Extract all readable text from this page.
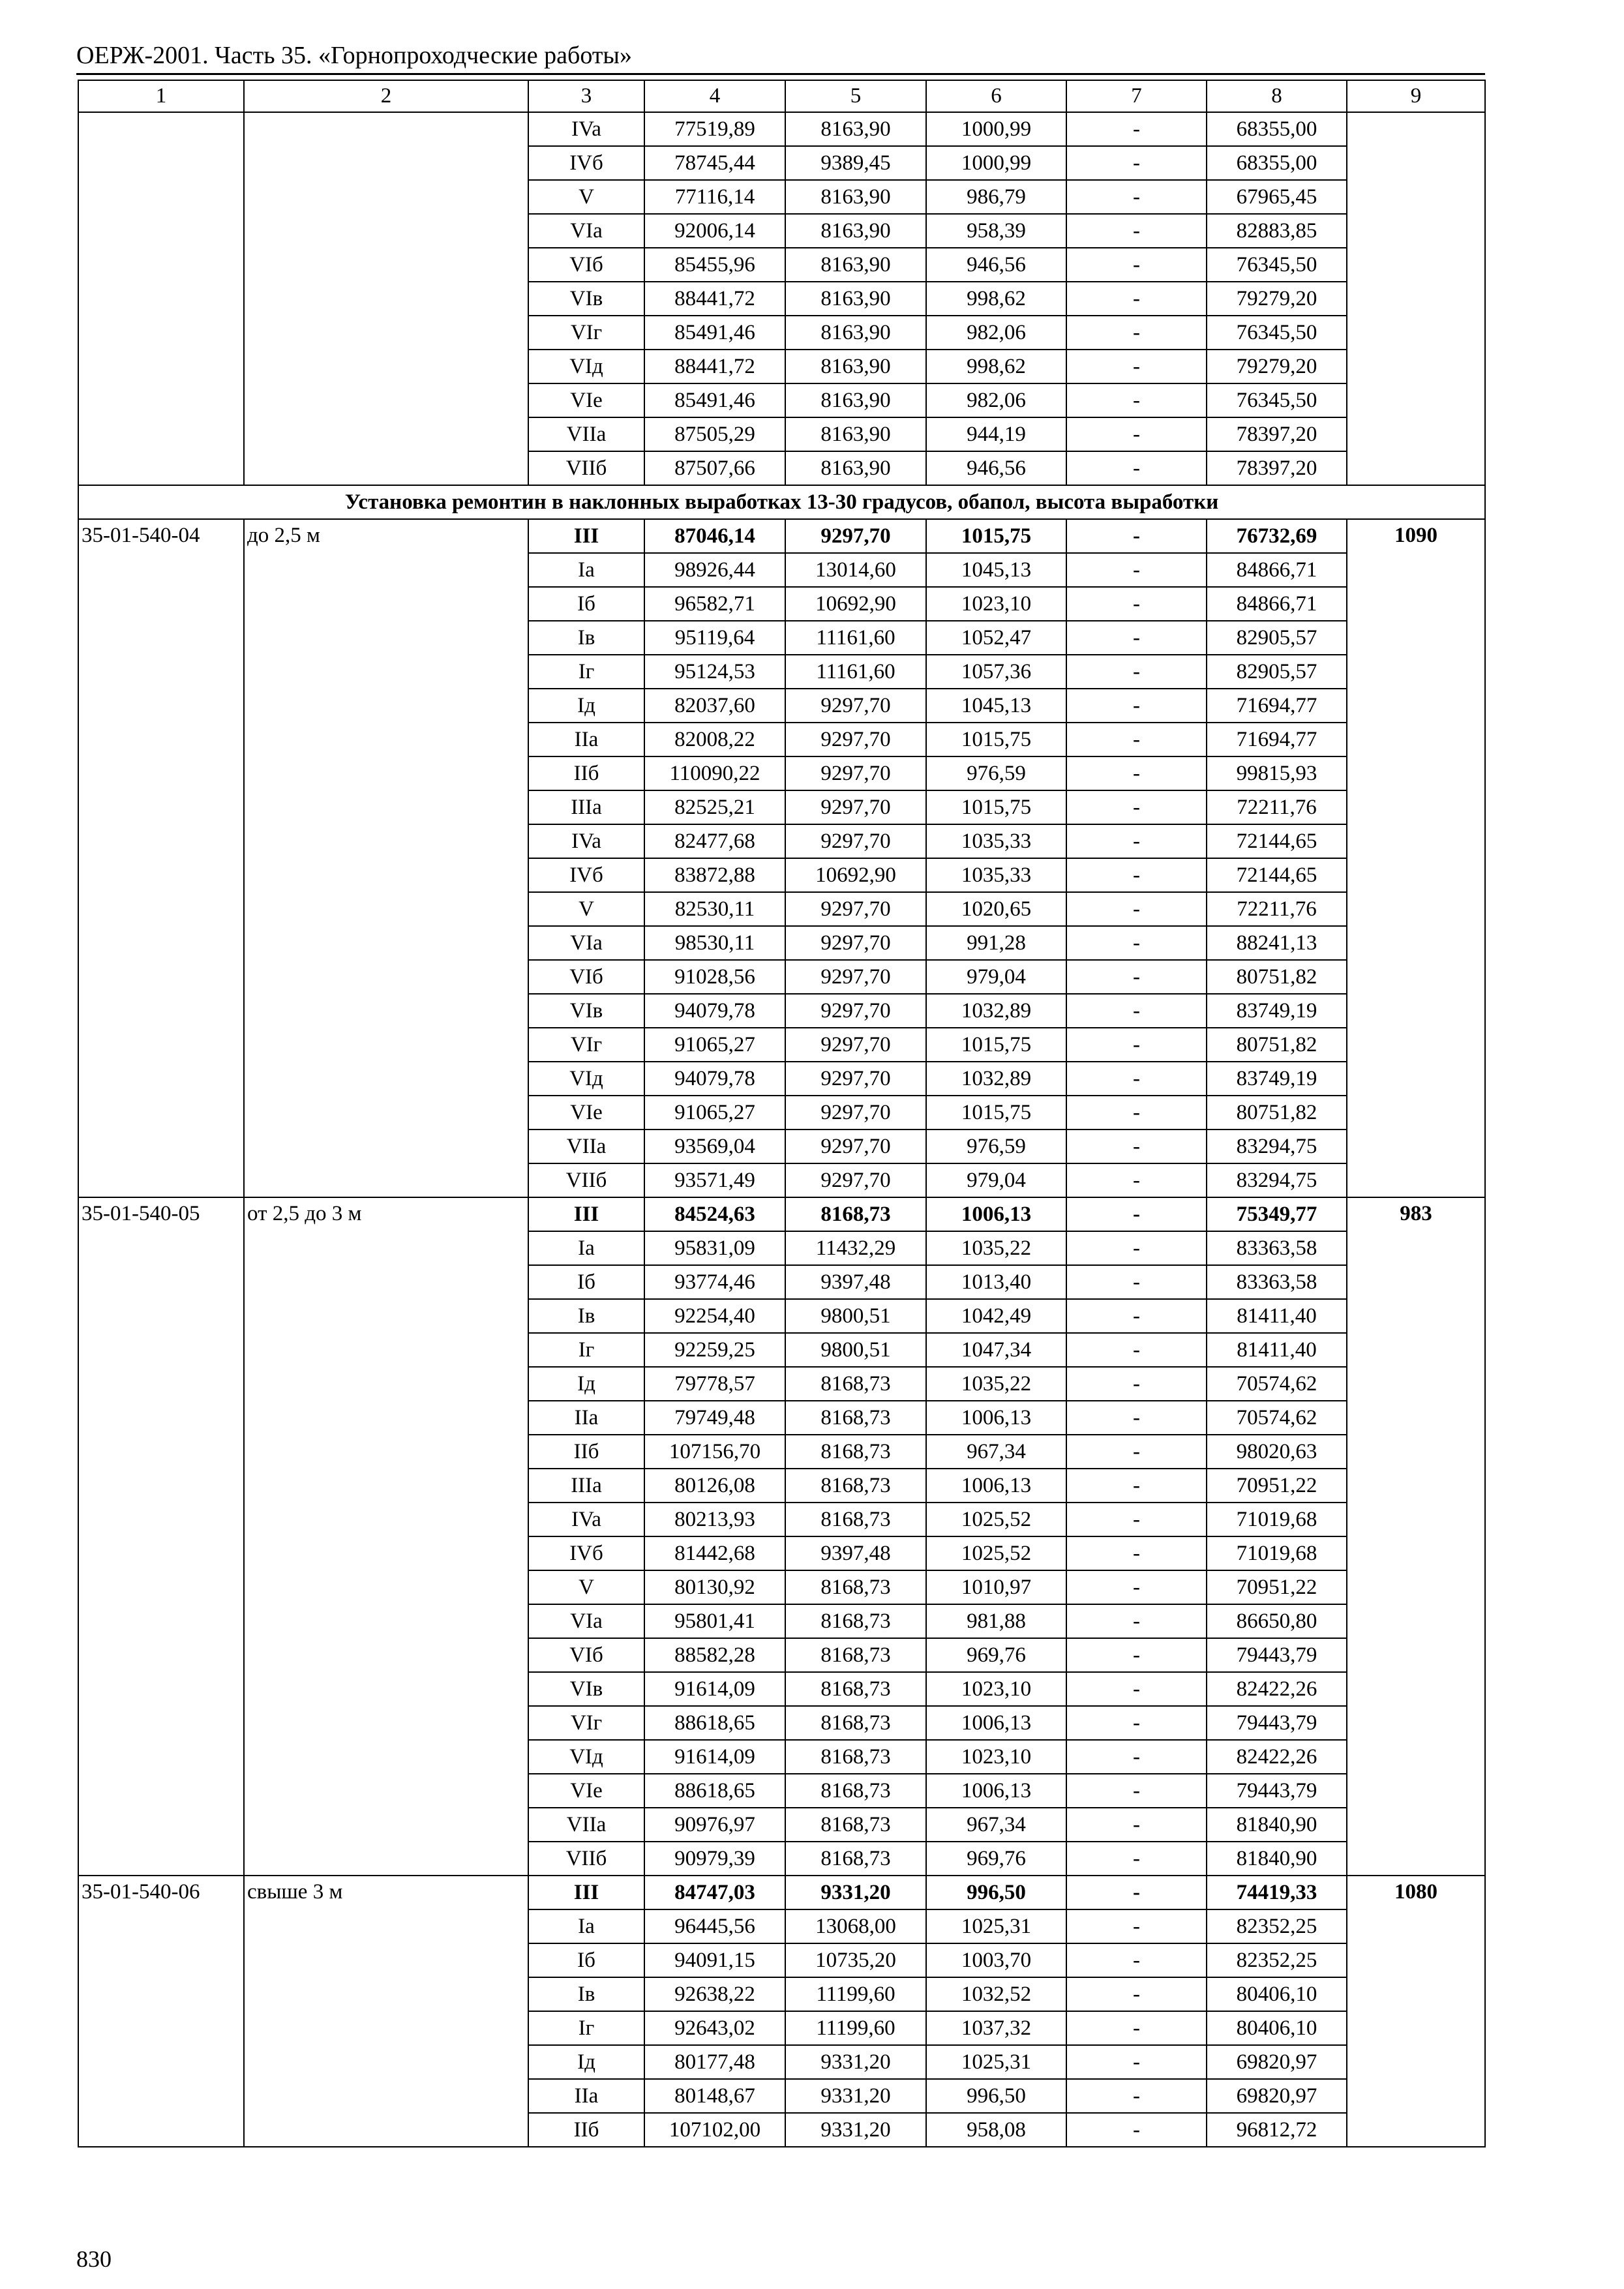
ОЕРЖ-2001. Часть 35. «Горнопроходческие работы»
1	2	3	4	5	6	7	8	9
		IVa	77519,89	8163,90	1000,99	-	68355,00	
		IVб	78745,44	9389,45	1000,99	-	68355,00	
		V	77116,14	8163,90	986,79	-	67965,45	
		VIa	92006,14	8163,90	958,39	-	82883,85	
		VIб	85455,96	8163,90	946,56	-	76345,50	
		VIв	88441,72	8163,90	998,62	-	79279,20	
		VIг	85491,46	8163,90	982,06	-	76345,50	
		VIд	88441,72	8163,90	998,62	-	79279,20	
		VIe	85491,46	8163,90	982,06	-	76345,50	
		VIIa	87505,29	8163,90	944,19	-	78397,20	
		VIIб	87507,66	8163,90	946,56	-	78397,20	
Установка ремонтин в наклонных выработках 13-30 градусов, обапол, высота выработки								
35-01-540-04	до 2,5 м	III	87046,14	9297,70	1015,75	-	76732,69	1090
		Ia	98926,44	13014,60	1045,13	-	84866,71	
		Iб	96582,71	10692,90	1023,10	-	84866,71	
		Iв	95119,64	11161,60	1052,47	-	82905,57	
		Iг	95124,53	11161,60	1057,36	-	82905,57	
		Iд	82037,60	9297,70	1045,13	-	71694,77	
		IIa	82008,22	9297,70	1015,75	-	71694,77	
		IIб	110090,22	9297,70	976,59	-	99815,93	
		IIIa	82525,21	9297,70	1015,75	-	72211,76	
		IVa	82477,68	9297,70	1035,33	-	72144,65	
		IVб	83872,88	10692,90	1035,33	-	72144,65	
		V	82530,11	9297,70	1020,65	-	72211,76	
		VIa	98530,11	9297,70	991,28	-	88241,13	
		VIб	91028,56	9297,70	979,04	-	80751,82	
		VIв	94079,78	9297,70	1032,89	-	83749,19	
		VIг	91065,27	9297,70	1015,75	-	80751,82	
		VIд	94079,78	9297,70	1032,89	-	83749,19	
		VIe	91065,27	9297,70	1015,75	-	80751,82	
		VIIa	93569,04	9297,70	976,59	-	83294,75	
		VIIб	93571,49	9297,70	979,04	-	83294,75	
35-01-540-05	от 2,5 до 3 м	III	84524,63	8168,73	1006,13	-	75349,77	983
		Ia	95831,09	11432,29	1035,22	-	83363,58	
		Iб	93774,46	9397,48	1013,40	-	83363,58	
		Iв	92254,40	9800,51	1042,49	-	81411,40	
		Iг	92259,25	9800,51	1047,34	-	81411,40	
		Iд	79778,57	8168,73	1035,22	-	70574,62	
		IIa	79749,48	8168,73	1006,13	-	70574,62	
		IIб	107156,70	8168,73	967,34	-	98020,63	
		IIIa	80126,08	8168,73	1006,13	-	70951,22	
		IVa	80213,93	8168,73	1025,52	-	71019,68	
		IVб	81442,68	9397,48	1025,52	-	71019,68	
		V	80130,92	8168,73	1010,97	-	70951,22	
		VIa	95801,41	8168,73	981,88	-	86650,80	
		VIб	88582,28	8168,73	969,76	-	79443,79	
		VIв	91614,09	8168,73	1023,10	-	82422,26	
		VIг	88618,65	8168,73	1006,13	-	79443,79	
		VIд	91614,09	8168,73	1023,10	-	82422,26	
		VIe	88618,65	8168,73	1006,13	-	79443,79	
		VIIa	90976,97	8168,73	967,34	-	81840,90	
		VIIб	90979,39	8168,73	969,76	-	81840,90	
35-01-540-06	свыше 3 м	III	84747,03	9331,20	996,50	-	74419,33	1080
		Ia	96445,56	13068,00	1025,31	-	82352,25	
		Iб	94091,15	10735,20	1003,70	-	82352,25	
		Iв	92638,22	11199,60	1032,52	-	80406,10	
		Iг	92643,02	11199,60	1037,32	-	80406,10	
		Iд	80177,48	9331,20	1025,31	-	69820,97	
		IIa	80148,67	9331,20	996,50	-	69820,97	
		IIб	107102,00	9331,20	958,08	-	96812,72	
830
